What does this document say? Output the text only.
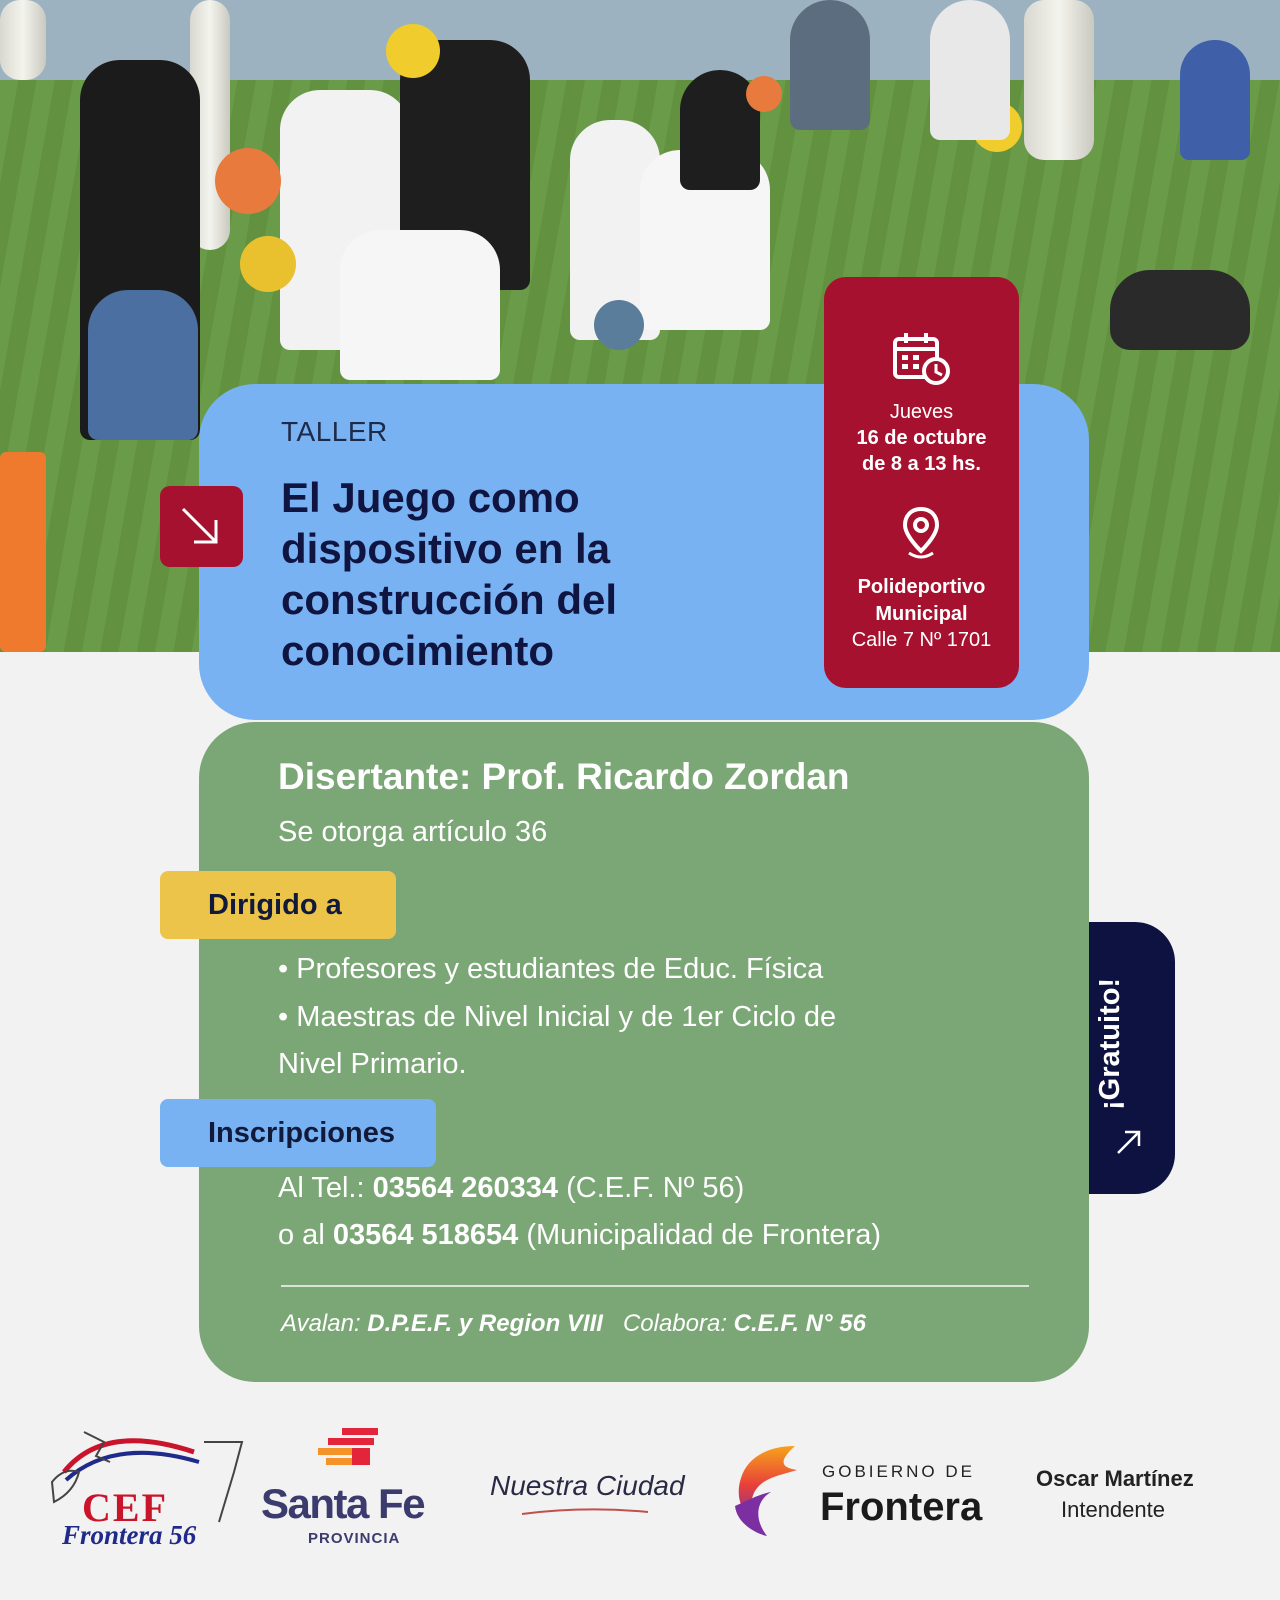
TALLER
El Juego como dispositivo en la construcción del conocimiento
Jueves
16 de octubre
de 8 a 13 hs.
Polideportivo
Municipal
Calle 7 Nº 1701
Disertante: Prof. Ricardo Zordan
Se otorga artículo 36
Dirigido a
• Profesores y estudiantes de Educ. Física
• Maestras de Nivel Inicial y de 1er Ciclo de
Nivel Primario.
Inscripciones
Al Tel.: 03564 260334 (C.E.F. Nº 56)
o al 03564 518654 (Municipalidad de Frontera)
Avalan: D.P.E.F. y Region VIII Colabora: C.E.F. N° 56
¡Gratuito!
CEF
Frontera 56
Santa Fe
PROVINCIA
Nuestra Ciudad	GOBIERNO DE
Frontera
Oscar Martínez
Intendente
